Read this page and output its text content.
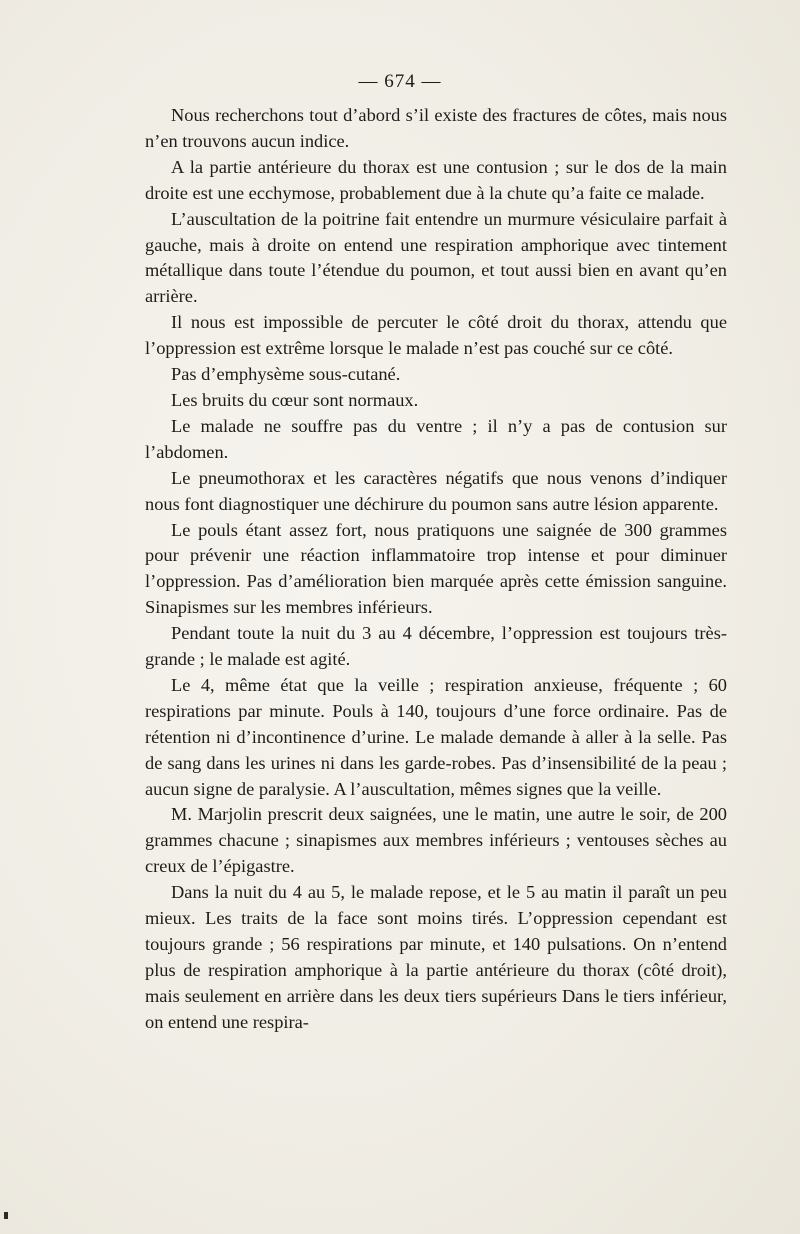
— 674 —

Nous recherchons tout d’abord s’il existe des fractures de côtes, mais nous n’en trouvons aucun indice.

A la partie antérieure du thorax est une contusion ; sur le dos de la main droite est une ecchymose, probablement due à la chute qu’a faite ce malade.

L’auscultation de la poitrine fait entendre un murmure vésiculaire parfait à gauche, mais à droite on entend une respiration amphorique avec tintement métallique dans toute l’étendue du poumon, et tout aussi bien en avant qu’en arrière.

Il nous est impossible de percuter le côté droit du thorax, attendu que l’oppression est extrême lorsque le malade n’est pas couché sur ce côté.

Pas d’emphysème sous-cutané.

Les bruits du cœur sont normaux.

Le malade ne souffre pas du ventre ; il n’y a pas de contusion sur l’abdomen.

Le pneumothorax et les caractères négatifs que nous venons d’indiquer nous font diagnostiquer une déchirure du poumon sans autre lésion apparente.

Le pouls étant assez fort, nous pratiquons une saignée de 300 grammes pour prévenir une réaction inflammatoire trop intense et pour diminuer l’oppression. Pas d’amélioration bien marquée après cette émission sanguine. Sinapismes sur les membres inférieurs.

Pendant toute la nuit du 3 au 4 décembre, l’oppression est toujours très-grande ; le malade est agité.

Le 4, même état que la veille ; respiration anxieuse, fréquente ; 60 respirations par minute. Pouls à 140, toujours d’une force ordinaire. Pas de rétention ni d’incontinence d’urine. Le malade demande à aller à la selle. Pas de sang dans les urines ni dans les garde-robes. Pas d’insensibilité de la peau ; aucun signe de paralysie. A l’auscultation, mêmes signes que la veille.

M. Marjolin prescrit deux saignées, une le matin, une autre le soir, de 200 grammes chacune ; sinapismes aux membres inférieurs ; ventouses sèches au creux de l’épigastre.

Dans la nuit du 4 au 5, le malade repose, et le 5 au matin il paraît un peu mieux. Les traits de la face sont moins tirés. L’oppression cependant est toujours grande ; 56 respirations par minute, et 140 pulsations. On n’entend plus de respiration amphorique à la partie antérieure du thorax (côté droit), mais seulement en arrière dans les deux tiers supérieurs Dans le tiers inférieur, on entend une respira-
